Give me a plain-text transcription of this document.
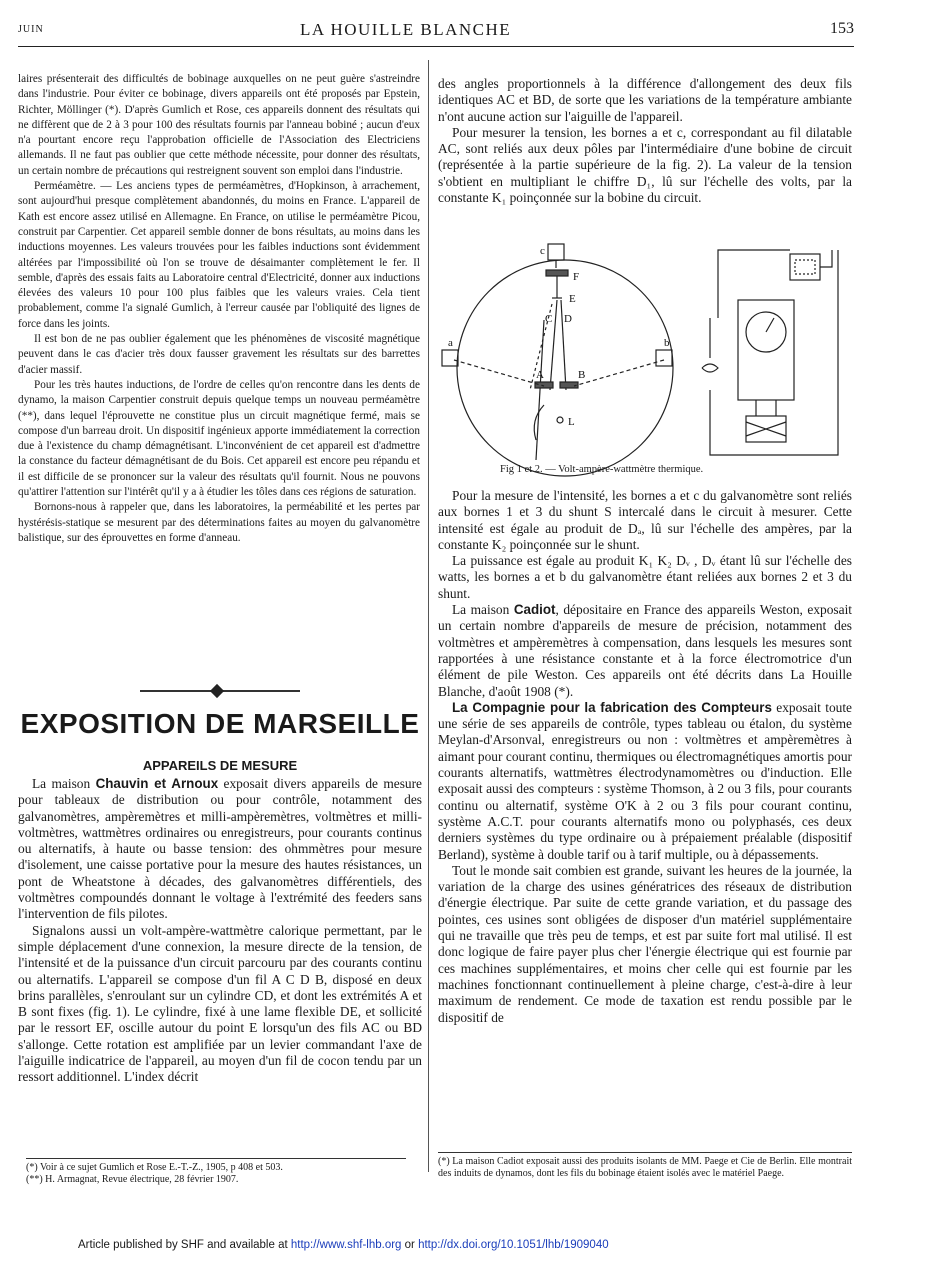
JUIN	LA HOUILLE BLANCHE	153

laires présenterait des difficultés de bobinage auxquelles on ne peut guère s'astreindre dans l'industrie. Pour éviter ce bobinage, divers appareils ont été proposés par Epstein, Richter, Möllinger (*). D'après Gumlich et Rose, ces appareils donnent des résultats qui ne diffèrent que de 2 à 3 pour 100 des résultats fournis par l'anneau bobiné ; aucun d'eux n'a pourtant encore reçu l'approbation officielle de l'Association des Electriciens allemands. Il ne faut pas oublier que cette méthode nécessite, pour donner des résultats, un certain nombre de précautions qui restreignent souvent son emploi dans l'industrie.

Perméamètre. — Les anciens types de perméamètres, d'Hopkinson, à arrachement, sont aujourd'hui presque complètement abandonnés, du moins en France. L'appareil de Kath est encore assez utilisé en Allemagne. En France, on utilise le perméamètre Picou, construit par Carpentier. Cet appareil semble donner de bons résultats, au moins dans les inductions moyennes. Les valeurs trouvées pour les faibles inductions sont évidemment altérées par l'impossibilité où l'on se trouve de désaimanter complètement le fer. Il semble, d'après des essais faits au Laboratoire central d'Electricité, donner aux inductions élevées des valeurs 10 pour 100 plus faibles que les valeurs vraies. Cela tient probablement, comme l'a signalé Gumlich, à l'erreur causée par l'obliquité des lignes de force dans les joints.

Il est bon de ne pas oublier également que les phénomènes de viscosité magnétique peuvent dans le cas d'acier très doux fausser gravement les résultats sur des barrettes d'acier massif.

Pour les très hautes inductions, de l'ordre de celles qu'on rencontre dans les dents de dynamo, la maison Carpentier construit depuis quelque temps un nouveau perméamètre (**), dans lequel l'éprouvette ne constitue plus un circuit magnétique fermé, mais se compose d'un barreau droit. Un dispositif ingénieux apporte immédiatement la correction due à l'existence du champ démagnétisant. L'inconvénient de cet appareil est d'admettre la constance du facteur démagnétisant de du Bois. Cet appareil est encore peu répandu et il est difficile de se prononcer sur la valeur des résultats qu'il fournit. Nous ne pouvons qu'attirer l'attention sur l'intérêt qu'il y a à étudier les tôles dans ces régions de saturation.

Bornons-nous à rappeler que, dans les laboratoires, la perméabilité et les pertes par hystérésis-statique se mesurent par des déterminations faites au moyen du galvanomètre balistique, sur des éprouvettes en forme d'anneau.

EXPOSITION DE MARSEILLE
APPAREILS DE MESURE

La maison Chauvin et Arnoux exposait divers appareils de mesure pour tableaux de distribution ou pour contrôle, notamment des galvanomètres, ampèremètres et milli-ampèremètres, voltmètres et milli-voltmètres, wattmètres ordinaires ou enregistreurs, pour courants continus ou alternatifs, à haute ou basse tension: des ohmmètres pour mesure d'isolement, une caisse portative pour la mesure des hautes résistances, un pont de Wheatstone à décades, des galvanomètres différentiels, des voltmètres compoundés donnant le voltage à l'extrémité des feeders sans l'intervention de fils pilotes.

Signalons aussi un volt-ampère-wattmètre calorique permettant, par le simple déplacement d'une connexion, la mesure directe de la tension, de l'intensité et de la puissance d'un circuit parcouru par des courants continu ou alternatifs. L'appareil se compose d'un fil A C D B, disposé en deux brins parallèles, s'enroulant sur un cylindre CD, et dont les extrémités A et B sont fixes (fig. 1). Le cylindre, fixé à une lame flexible DE, et sollicité par le ressort EF, oscille autour du point E lorsqu'un des fils AC ou BD s'allonge. Cette rotation est amplifiée par un levier commandant l'axe de l'aiguille indicatrice de l'appareil, au moyen d'un fil de cocon tendu par un ressort additionnel. L'index décrit

des angles proportionnels à la différence d'allongement des deux fils identiques AC et BD, de sorte que les variations de la température ambiante n'ont aucune action sur l'aiguille de l'appareil.

Pour mesurer la tension, les bornes a et c, correspondant au fil dilatable AC, sont reliés aux deux pôles par l'intermédiaire d'une bobine de circuit (représentée à la partie supérieure de la fig. 2). La valeur de la tension s'obtient en multipliant le chiffre D₁, lû sur l'échelle des volts, par la constante K₁ poinçonnée sur la bobine du circuit.

c
F
E
C D
a	b
A	B
L
Fig 1 et 2. — Volt-ampère-wattmètre thermique.

Pour la mesure de l'intensité, les bornes a et c du galvanomètre sont reliés aux bornes 1 et 3 du shunt S intercalé dans le circuit à mesurer. Cette intensité est égale au produit de Dₐ, lû sur l'échelle des ampères, par la constante K₂ poinçonnée sur le shunt.

La puissance est égale au produit K₁ K₂ Dᵥ , Dᵥ étant lû sur l'échelle des watts, les bornes a et b du galvanomètre étant reliées aux bornes 2 et 3 du shunt.

La maison Cadiot, dépositaire en France des appareils Weston, exposait un certain nombre d'appareils de mesure de précision, notamment des voltmètres et ampèremètres à compensation, dans lesquels les mesures sont rapportées à une résistance constante et à la force électromotrice d'un élément de pile Weston. Ces appareils ont été décrits dans La Houille Blanche, d'août 1908 (*).

La Compagnie pour la fabrication des Compteurs exposait toute une série de ses appareils de contrôle, types tableau ou étalon, du système Meylan-d'Arsonval, enregistreurs ou non : voltmètres et ampèremètres à aimant pour courant continu, thermiques ou électromagnétiques amortis pour courants alternatifs, wattmètres électrodynamomètres ou d'induction. Elle exposait aussi des compteurs : système Thomson, à 2 ou 3 fils, pour courants continu ou alternatif, système O'K à 2 ou 3 fils pour courant continu, système A.C.T. pour courants alternatifs mono ou polyphasés, ces deux derniers systèmes du type ordinaire ou à prépaiement préalable (dispositif Berland), système à double tarif ou à tarif multiple, ou à dépassements.

Tout le monde sait combien est grande, suivant les heures de la journée, la variation de la charge des usines génératrices des réseaux de distribution d'énergie électrique. Par suite de cette grande variation, et du passage des pointes, ces usines sont obligées de disposer d'un matériel supplémentaire qui ne travaille que très peu de temps, et est par suite fort mal utilisé. Il est donc logique de faire payer plus cher l'énergie électrique qui est fournie par ces machines supplémentaires, et moins cher celle qui est fournie par les machines fonctionnant continuellement à pleine charge, c'est-à-dire à leur maximum de rendement. Ce mode de taxation est rendu possible par le dispositif de

(*) Voir à ce sujet Gumlich et Rose E.-T.-Z., 1905, p 408 et 503.

(**) H. Armagnat, Revue électrique, 28 février 1907.

(*) La maison Cadiot exposait aussi des produits isolants de MM. Paege et Cie de Berlin. Elle montrait des induits de dynamos, dont les fils du bobinage étaient isolés avec le matériel Paege.
Article published by SHF and available at http://www.shf-lhb.org or http://dx.doi.org/10.1051/lhb/1909040
